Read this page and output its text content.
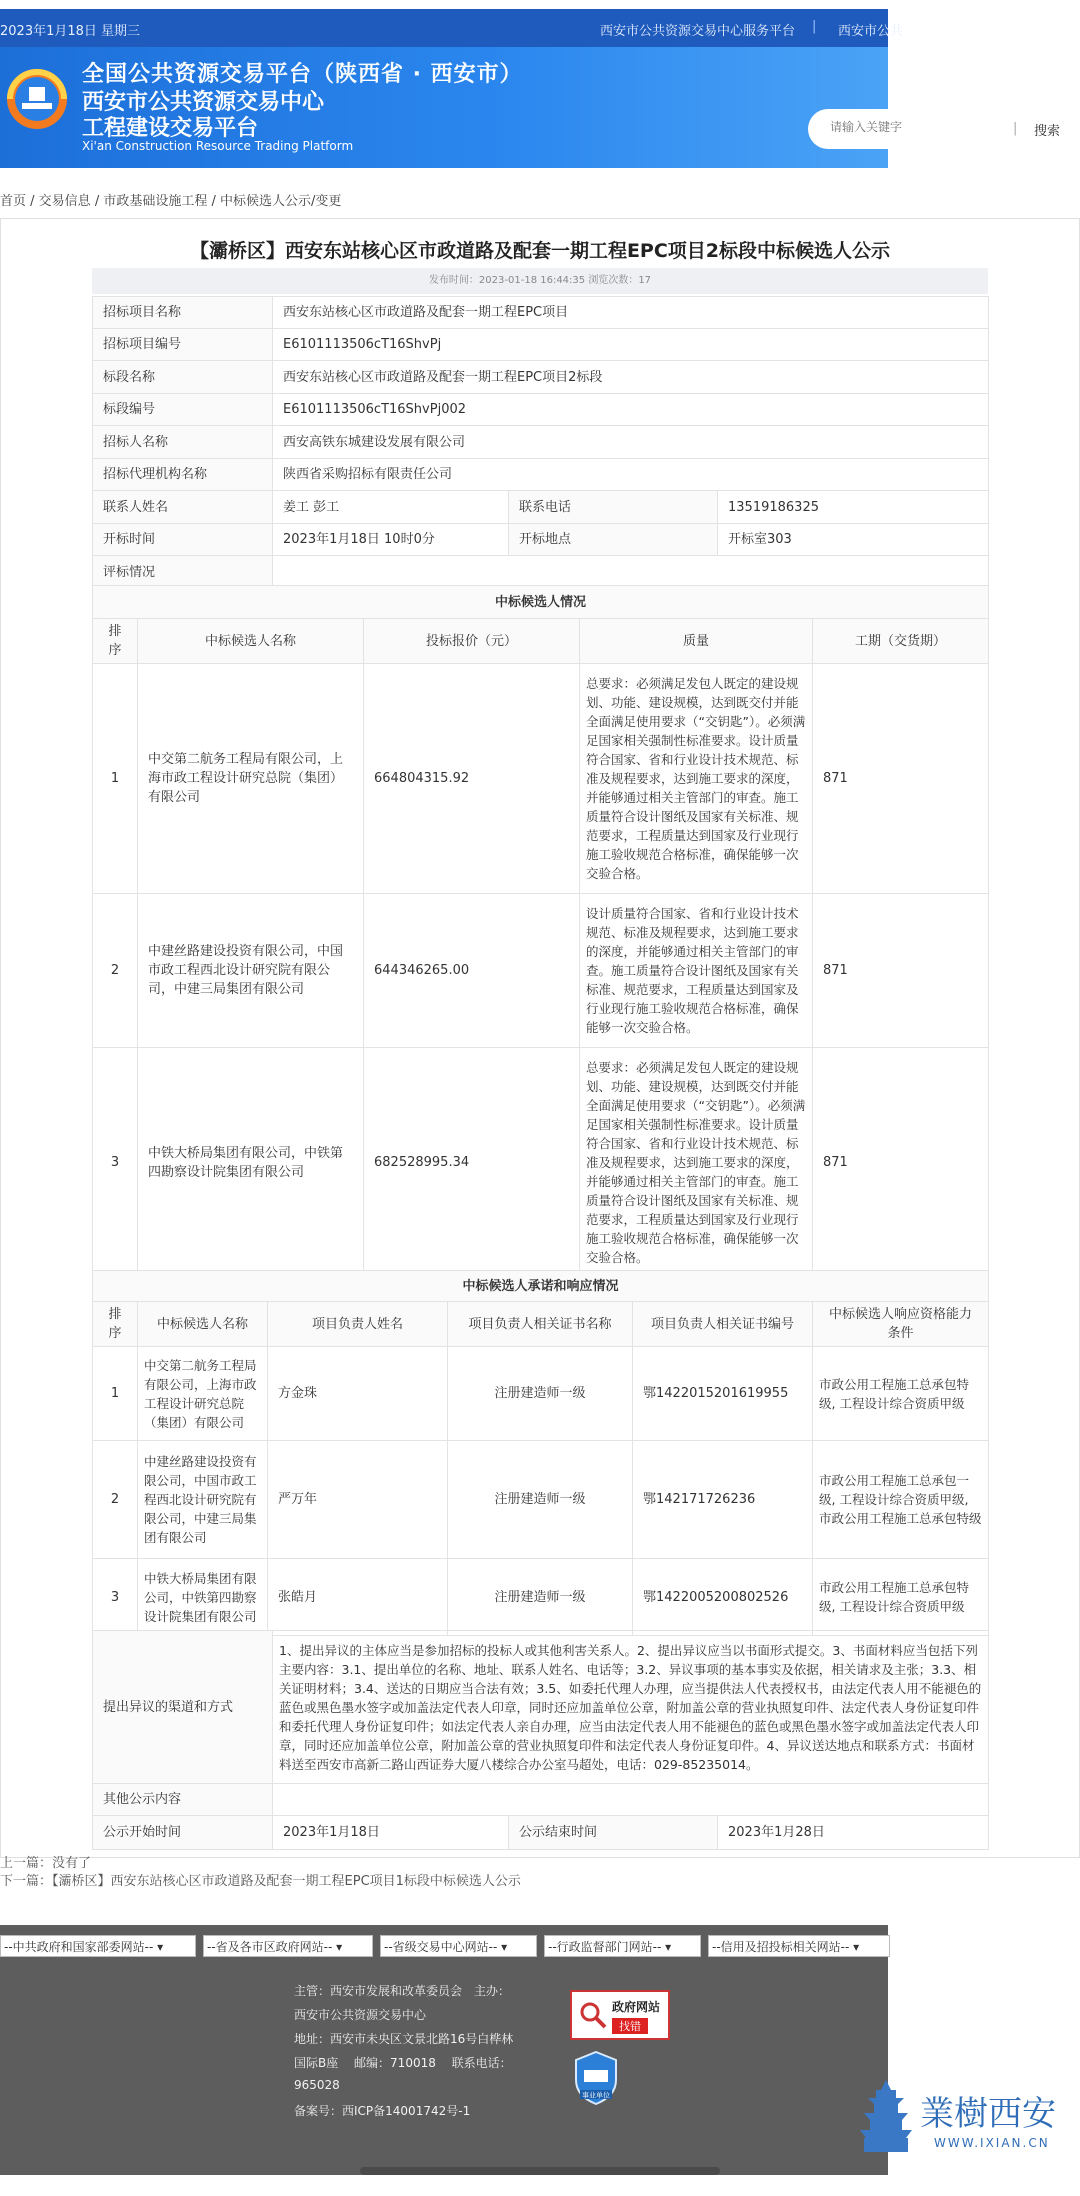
2023年1月18日 星期三	西安市公共资源交易中心服务平台 | 西安市公共
全国公共资源交易平台（陕西省 · 西安市）
西安市公共资源交易中心
工程建设交易平台
Xi'an Construction Resource Trading Platform
请输入关键字
| 搜索
首 页	综合动态 主体信息 交易信息
首页 / 交易信息 / 市政基础设施工程 / 中标候选人公示/变更
【灞桥区】西安东站核心区市政道路及配套一期工程EPC项目2标段中标候选人公示
发布时间：2023-01-18 16:44:35 浏览次数：17
招标项目名称	西安东站核心区市政道路及配套一期工程EPC项目		
招标项目编号	E6101113506cT16ShvPj		
标段名称	西安东站核心区市政道路及配套一期工程EPC项目2标段		
标段编号	E6101113506cT16ShvPj002		
招标人名称	西安高铁东城建设发展有限公司		
招标代理机构名称	陕西省采购招标有限责任公司		
联系人姓名	姜工 彭工	联系电话	13519186325
开标时间	2023年1月18日 10时0分	开标地点	开标室303
评标情况			
中标候选人情况				
排序	中标候选人名称	投标报价（元）	质量	工期（交货期）
1	中交第二航务工程局有限公司，上海市政工程设计研究总院（集团）有限公司	664804315.92	总要求：必须满足发包人既定的建设规划、功能、建设规模，达到既交付并能全面满足使用要求（“交钥匙”）。必须满足国家相关强制性标准要求。设计质量符合国家、省和行业设计技术规范、标准及规程要求，达到施工要求的深度，并能够通过相关主管部门的审查。施工质量符合设计图纸及国家有关标准、规范要求，工程质量达到国家及行业现行施工验收规范合格标准，确保能够一次交验合格。	871
2	中建丝路建设投资有限公司，中国市政工程西北设计研究院有限公司，中建三局集团有限公司	644346265.00	设计质量符合国家、省和行业设计技术规范、标准及规程要求，达到施工要求的深度，并能够通过相关主管部门的审查。施工质量符合设计图纸及国家有关标准、规范要求，工程质量达到国家及行业现行施工验收规范合格标准，确保能够一次交验合格。	871
3	中铁大桥局集团有限公司，中铁第四勘察设计院集团有限公司	682528995.34	总要求：必须满足发包人既定的建设规划、功能、建设规模，达到既交付并能全面满足使用要求（“交钥匙”）。必须满足国家相关强制性标准要求。设计质量符合国家、省和行业设计技术规范、标准及规程要求，达到施工要求的深度，并能够通过相关主管部门的审查。施工质量符合设计图纸及国家有关标准、规范要求，工程质量达到国家及行业现行施工验收规范合格标准，确保能够一次交验合格。	871
中标候选人承诺和响应情况					
排序	中标候选人名称	项目负责人姓名	项目负责人相关证书名称	项目负责人相关证书编号	中标候选人响应资格能力条件
1	中交第二航务工程局有限公司，上海市政工程设计研究总院（集团）有限公司	方金珠	注册建造师一级	鄂1422015201619955	市政公用工程施工总承包特级, 工程设计综合资质甲级
2	中建丝路建设投资有限公司，中国市政工程西北设计研究院有限公司，中建三局集团有限公司	严万年	注册建造师一级	鄂142171726236	市政公用工程施工总承包一级, 工程设计综合资质甲级, 市政公用工程施工总承包特级
3	中铁大桥局集团有限公司，中铁第四勘察设计院集团有限公司	张皓月	注册建造师一级	鄂1422005200802526	市政公用工程施工总承包特级, 工程设计综合资质甲级
提出异议的渠道和方式	1、提出异议的主体应当是参加招标的投标人或其他利害关系人。2、提出异议应当以书面形式提交。3、书面材料应当包括下列主要内容：3.1、提出单位的名称、地址、联系人姓名、电话等；3.2、异议事项的基本事实及依据，相关请求及主张；3.3、相关证明材料；3.4、送达的日期应当合法有效；3.5、如委托代理人办理，应当提供法人代表授权书，由法定代表人用不能褪色的蓝色或黑色墨水签字或加盖法定代表人印章，同时还应加盖单位公章，附加盖公章的营业执照复印件、法定代表人身份证复印件和委托代理人身份证复印件；如法定代表人亲自办理，应当由法定代表人用不能褪色的蓝色或黑色墨水签字或加盖法定代表人印章，同时还应加盖单位公章，附加盖公章的营业执照复印件和法定代表人身份证复印件。4、异议送达地点和联系方式：书面材料送至西安市高新二路山西证券大厦八楼综合办公室马超处，电话：029-85235014。		
其他公示内容			
公示开始时间	2023年1月18日	公示结束时间	2023年1月28日
上一篇：没有了
下一篇：【灞桥区】西安东站核心区市政道路及配套一期工程EPC项目1标段中标候选人公示
--中共政府和国家部委网站-- ▾	--省及各市区政府网站-- ▾	--省级交易中心网站-- ▾	--行政监督部门网站-- ▾	--信用及招投标相关网站-- ▾
主管：西安市发展和改革委员会　主办：
西安市公共资源交易中心
地址：西安市未央区文景北路16号白桦林
国际B座　 邮编：710018　 联系电话：
965028
备案号：西ICP备14001742号-1
政府网站
找错
事业单位	業樹西安
WWW.IXIAN.CN
